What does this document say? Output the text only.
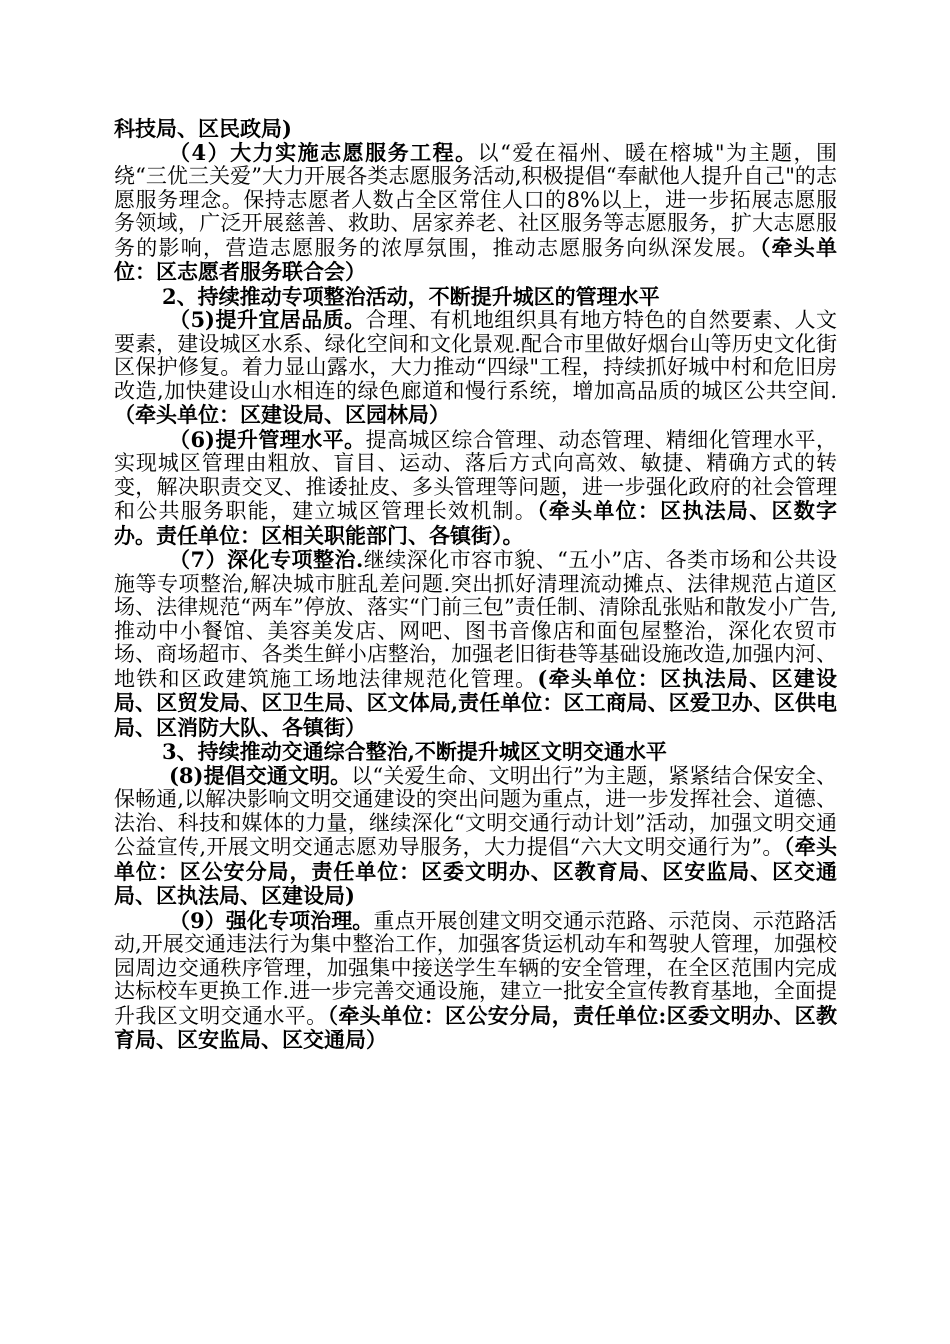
科技局、区民政局)

（4）大力实施志愿服务工程。以“爱在福州、暖在榕城"为主题，围绕“三优三关爱”大力开展各类志愿服务活动,积极提倡“奉献他人提升自己"的志愿服务理念。保持志愿者人数占全区常住人口的8%以上，进一步拓展志愿服务领域，广泛开展慈善、救助、居家养老、社区服务等志愿服务，扩大志愿服务的影响，营造志愿服务的浓厚氛围，推动志愿服务向纵深发展。（牵头单位：区志愿者服务联合会）

2、持续推动专项整治活动，不断提升城区的管理水平

（5)提升宜居品质。合理、有机地组织具有地方特色的自然要素、人文要素，建设城区水系、绿化空间和文化景观.配合市里做好烟台山等历史文化街区保护修复。着力显山露水，大力推动“四绿"工程，持续抓好城中村和危旧房改造,加快建设山水相连的绿色廊道和慢行系统，增加高品质的城区公共空间.（牵头单位：区建设局、区园林局）

（6)提升管理水平。提高城区综合管理、动态管理、精细化管理水平，实现城区管理由粗放、盲目、运动、落后方式向高效、敏捷、精确方式的转变，解决职责交叉、推诿扯皮、多头管理等问题，进一步强化政府的社会管理和公共服务职能，建立城区管理长效机制。（牵头单位：区执法局、区数字办。责任单位：区相关职能部门、各镇街）。

（7）深化专项整治.继续深化市容市貌、“五小”店、各类市场和公共设施等专项整治,解决城市脏乱差问题.突出抓好清理流动摊点、法律规范占道区场、法律规范“两车”停放、落实“门前三包”责任制、清除乱张贴和散发小广告,推动中小餐馆、美容美发店、网吧、图书音像店和面包屋整治，深化农贸市场、商场超市、各类生鲜小店整治，加强老旧街巷等基础设施改造,加强内河、地铁和区政建筑施工场地法律规范化管理。(牵头单位：区执法局、区建设局、区贸发局、区卫生局、区文体局,责任单位：区工商局、区爱卫办、区供电局、区消防大队、各镇街）

3、持续推动交通综合整治,不断提升城区文明交通水平

(8)提倡交通文明。以“关爱生命、文明出行”为主题，紧紧结合保安全、保畅通,以解决影响文明交通建设的突出问题为重点，进一步发挥社会、道德、法治、科技和媒体的力量，继续深化“文明交通行动计划”活动，加强文明交通公益宣传,开展文明交通志愿劝导服务，大力提倡“六大文明交通行为”。（牵头单位：区公安分局，责任单位：区委文明办、区教育局、区安监局、区交通局、区执法局、区建设局)

（9）强化专项治理。重点开展创建文明交通示范路、示范岗、示范路活动,开展交通违法行为集中整治工作，加强客货运机动车和驾驶人管理，加强校园周边交通秩序管理，加强集中接送学生车辆的安全管理，在全区范围内完成达标校车更换工作.进一步完善交通设施，建立一批安全宣传教育基地，全面提升我区文明交通水平。（牵头单位：区公安分局，责任单位:区委文明办、区教育局、区安监局、区交通局）
